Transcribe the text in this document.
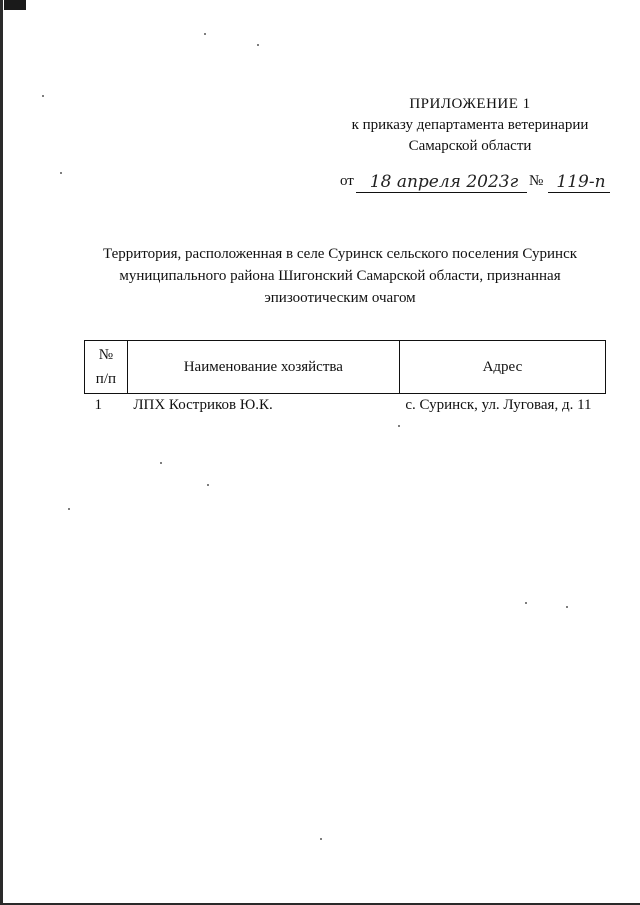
ПРИЛОЖЕНИЕ 1
к приказу департамента ветеринарии
Самарской области
от 18 апреля 2023г № 119-п
Территория, расположенная в селе Суринск сельского поселения Суринск
муниципального района Шигонский Самарской области, признанная
эпизоотическим очагом
№
п/п	Наименование хозяйства	Адрес
1	ЛПХ Костриков Ю.К.	с. Суринск, ул. Луговая, д. 11
